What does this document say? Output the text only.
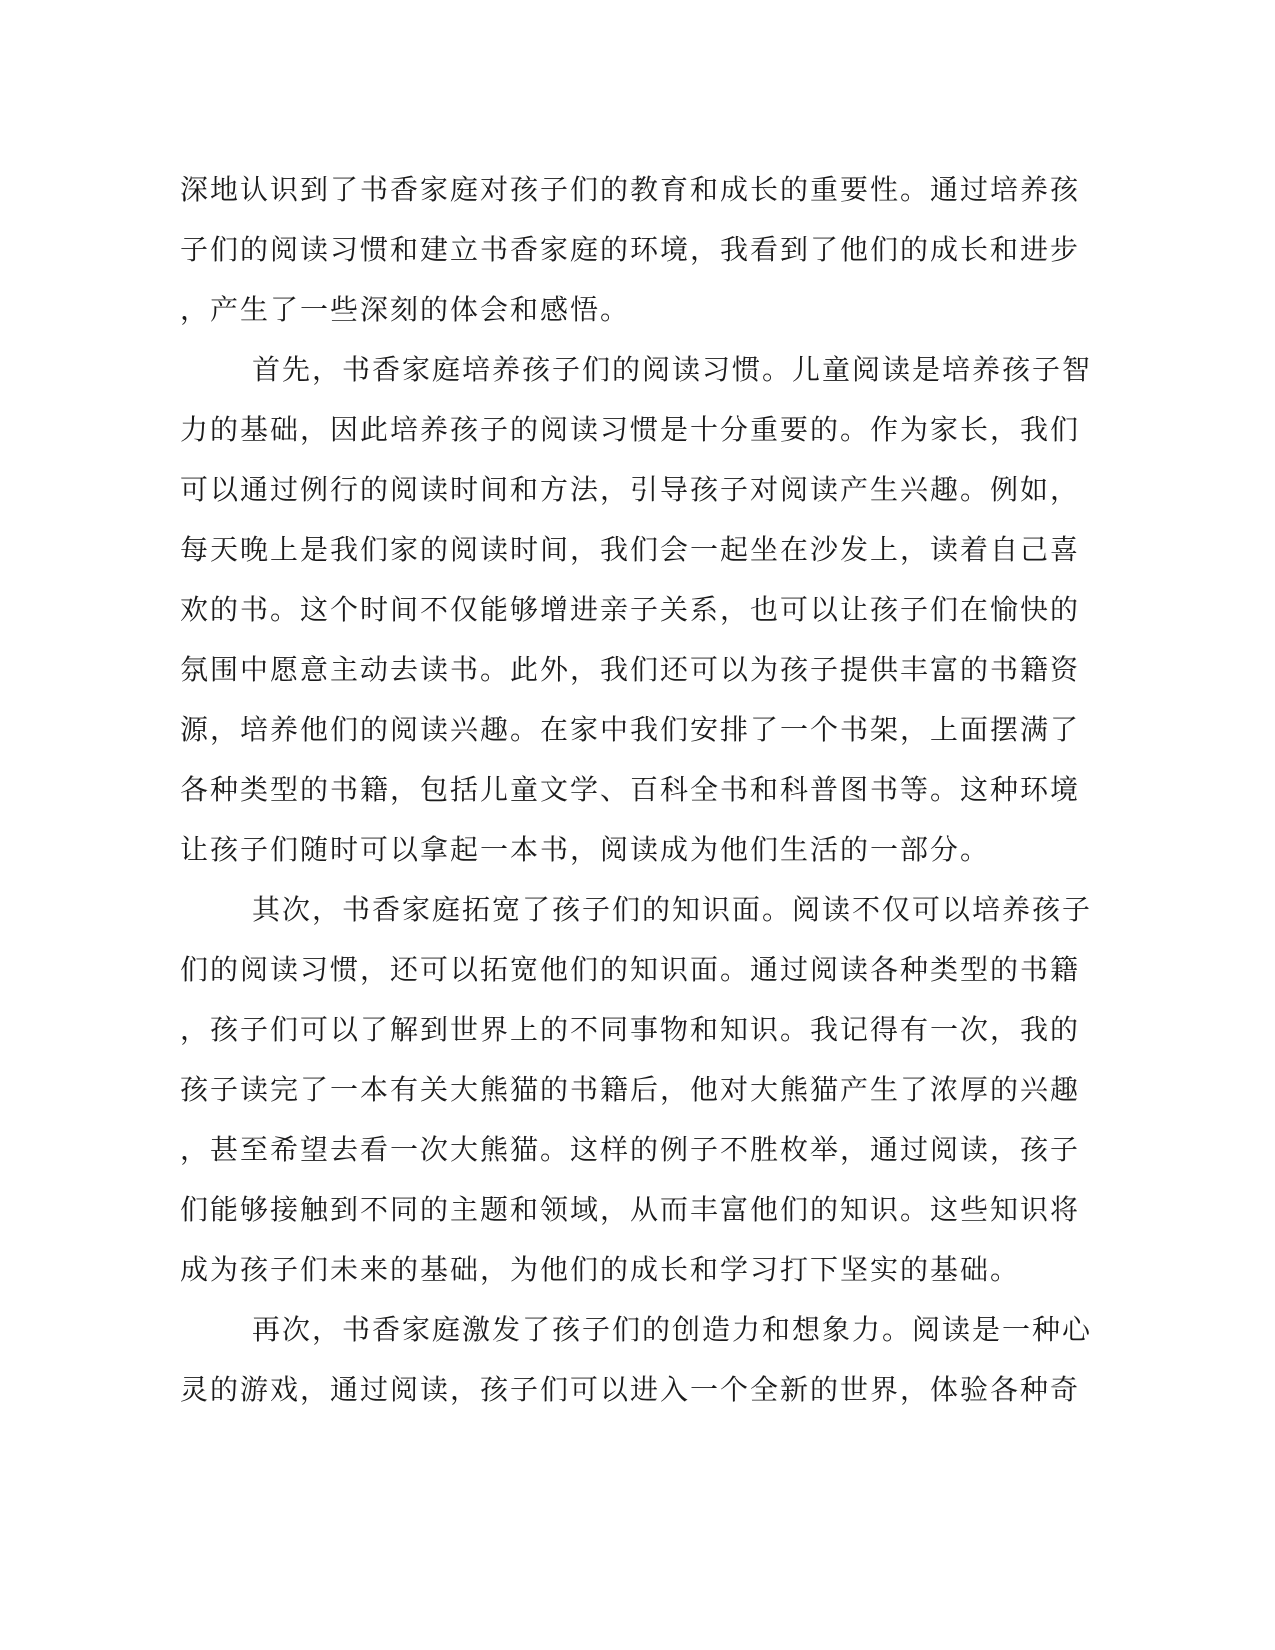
深地认识到了书香家庭对孩子们的教育和成长的重要性。通过培养孩
子们的阅读习惯和建立书香家庭的环境，我看到了他们的成长和进步
，产生了一些深刻的体会和感悟。
首先，书香家庭培养孩子们的阅读习惯。儿童阅读是培养孩子智
力的基础，因此培养孩子的阅读习惯是十分重要的。作为家长，我们
可以通过例行的阅读时间和方法，引导孩子对阅读产生兴趣。例如，
每天晚上是我们家的阅读时间，我们会一起坐在沙发上，读着自己喜
欢的书。这个时间不仅能够增进亲子关系，也可以让孩子们在愉快的
氛围中愿意主动去读书。此外，我们还可以为孩子提供丰富的书籍资
源，培养他们的阅读兴趣。在家中我们安排了一个书架，上面摆满了
各种类型的书籍，包括儿童文学、百科全书和科普图书等。这种环境
让孩子们随时可以拿起一本书，阅读成为他们生活的一部分。
其次，书香家庭拓宽了孩子们的知识面。阅读不仅可以培养孩子
们的阅读习惯，还可以拓宽他们的知识面。通过阅读各种类型的书籍
，孩子们可以了解到世界上的不同事物和知识。我记得有一次，我的
孩子读完了一本有关大熊猫的书籍后，他对大熊猫产生了浓厚的兴趣
，甚至希望去看一次大熊猫。这样的例子不胜枚举，通过阅读，孩子
们能够接触到不同的主题和领域，从而丰富他们的知识。这些知识将
成为孩子们未来的基础，为他们的成长和学习打下坚实的基础。
再次，书香家庭激发了孩子们的创造力和想象力。阅读是一种心
灵的游戏，通过阅读，孩子们可以进入一个全新的世界，体验各种奇
